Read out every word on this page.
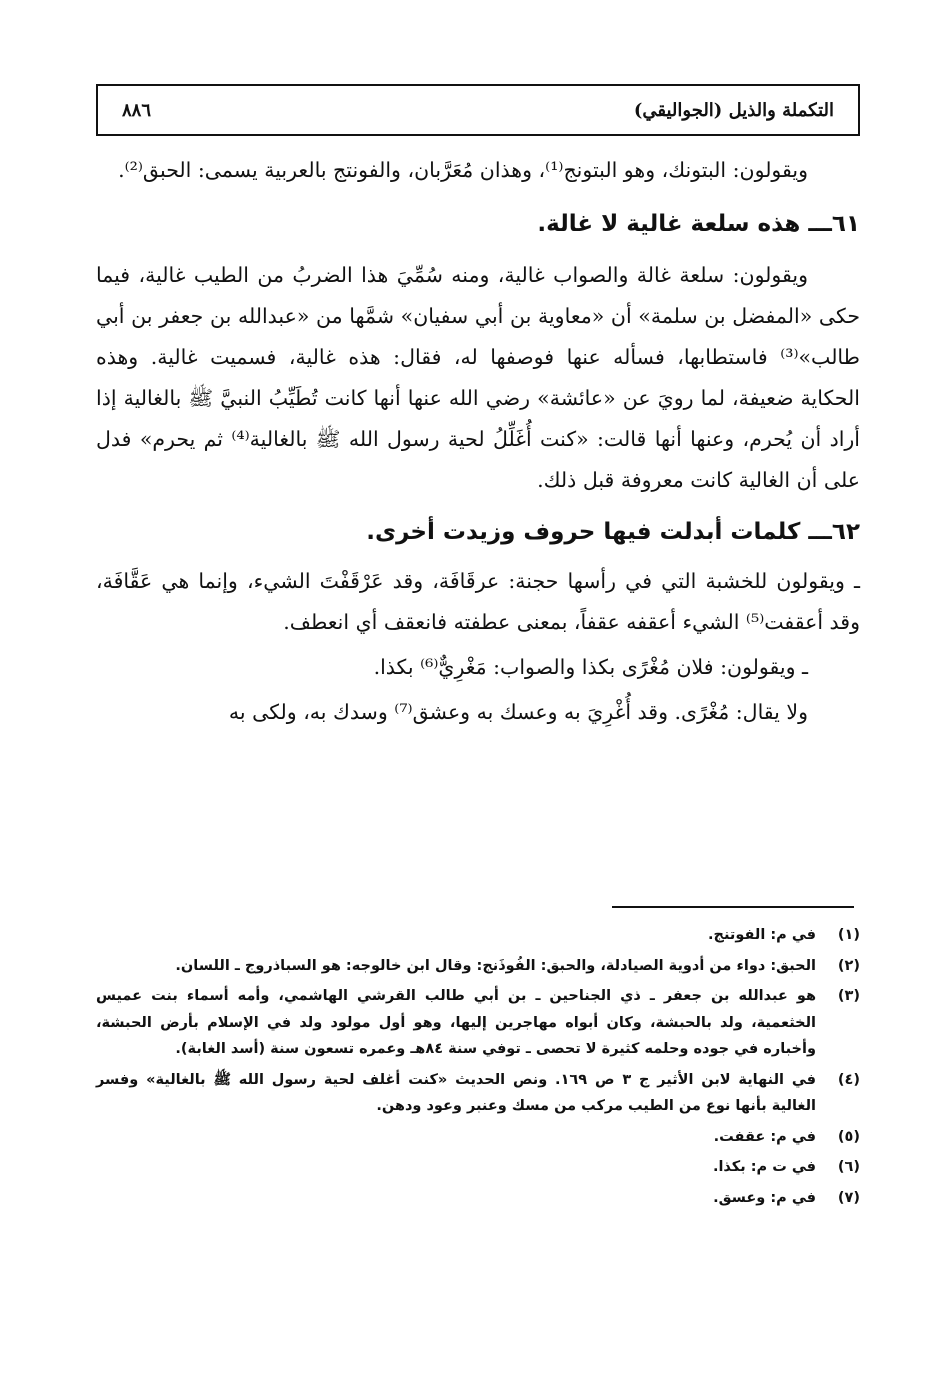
التكملة والذيل (الجواليقي)
٨٨٦

ويقولون: البتونك، وهو البتونج⁽¹⁾، وهذان مُعَرَّبان، والفونتج بالعربية يسمى: الحبق⁽²⁾.

٦١ـــ هذه سلعة غالية لا غالة.

ويقولون: سلعة غالة والصواب غالية، ومنه سُمِّيَ هذا الضربُ من الطيب غالية، فيما حكى «المفضل بن سلمة» أن «معاوية بن أبي سفيان» شمَّها من «عبدالله بن جعفر بن أبي طالب»⁽³⁾ فاستطابها، فسأله عنها فوصفها له، فقال: هذه غالية، فسميت غالية. وهذه الحكاية ضعيفة، لما رويَ عن «عائشة» رضي الله عنها أنها كانت تُطَيِّبُ النبيَّ ﷺ بالغالية إذا أراد أن يُحرم، وعنها أنها قالت: «كنت أُغَلِّلُ لحية رسول الله ﷺ بالغالية⁽⁴⁾ ثم يحرم» فدل على أن الغالية كانت معروفة قبل ذلك.

٦٢ـــ كلمات أبدلت فيها حروف وزيدت أخرى.

ـ ويقولون للخشبة التي في رأسها حجنة: عرقَافَة، وقد عَرْقَفْتَ الشيء، وإنما هي عَقَّافَة، وقد أعقفت⁽⁵⁾ الشيء أعقفه عقفاً، بمعنى عطفته فانعقف أي انعطف.

ـ ويقولون: فلان مُغْرًى بكذا والصواب: مَغْرِيٌّ⁽⁶⁾ بكذا.

ولا يقال: مُغْرًى. وقد أُغْرِيَ به وعسك به وعشق⁽⁷⁾ وسدك به، ولكى به

(١)
في م: الفوتنج.
(٢)
الحبق: دواء من أدوية الصيادلة، والحبق: الفُوذَنج: وقال ابن خالوجه: هو السباذروج ـ اللسان.
(٣)
هو عبدالله بن جعفر ـ ذي الجناحين ـ بن أبي طالب القرشي الهاشمي، وأمه أسماء بنت عميس الخثعمية، ولد بالحبشة، وكان أبواه مهاجرين إليها، وهو أول مولود ولد في الإسلام بأرض الحبشة، وأخباره في جوده وحلمه كثيرة لا تحصى ـ توفي سنة ٨٤هـ وعمره تسعون سنة (أسد الغابة).
(٤)
في النهاية لابن الأثير ج ٣ ص ١٦٩. ونص الحديث «كنت أغلف لحية رسول الله ﷺ بالغالية» وفسر الغالية بأنها نوع من الطيب مركب من مسك وعنبر وعود ودهن.
(٥)
في م: عقفت.
(٦)
في ت م: بكذا.
(٧)
في م: وعسق.
